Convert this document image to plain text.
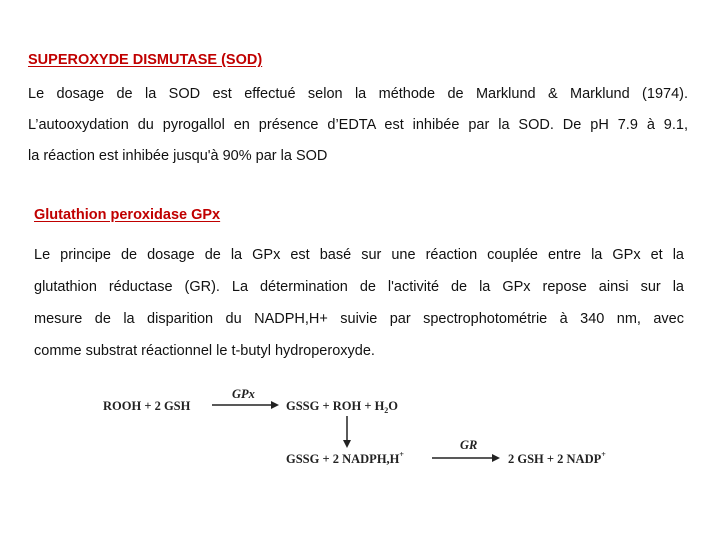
SUPEROXYDE DISMUTASE (SOD)
Le dosage de la SOD est effectué selon la méthode de Marklund & Marklund (1974).
L’autooxydation du pyrogallol en présence d’EDTA est inhibée par la SOD. De pH 7.9 à 9.1,
la réaction est inhibée jusqu'à 90% par la SOD
Glutathion peroxidase GPx
Le principe de dosage de la GPx est basé sur une réaction couplée entre la GPx et la
glutathion réductase (GR). La détermination de l'activité de la GPx repose ainsi sur la
mesure de la disparition du NADPH,H+ suivie par spectrophotométrie à 340 nm, avec
comme substrat réactionnel le t-butyl hydroperoxyde.
ROOH + 2 GSH
GPx
GSSG + ROH + $H_2O$
GSSG + 2 NADPH,H+
GR
2 GSH + 2 NADP+
